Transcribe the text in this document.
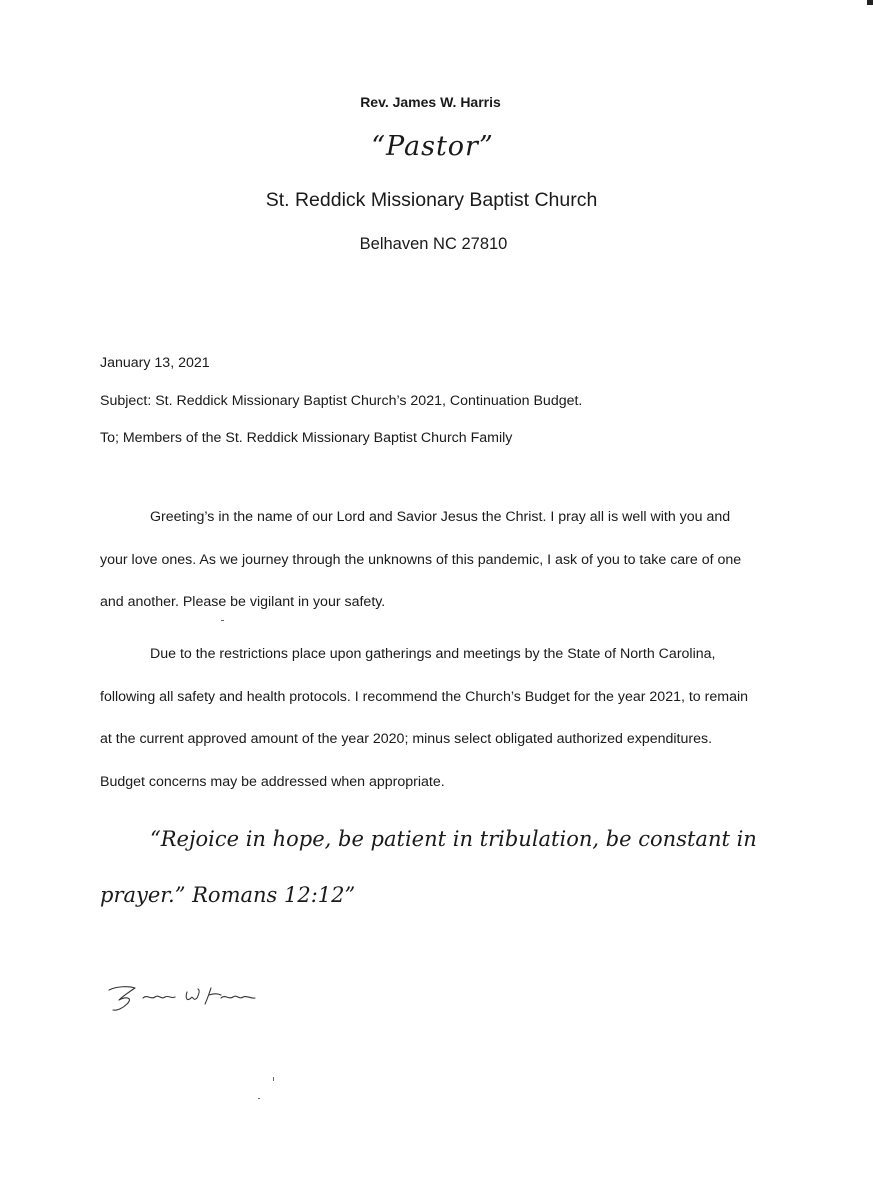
Rev. James W. Harris
“Pastor”
St. Reddick Missionary Baptist Church
Belhaven NC 27810
January 13, 2021
Subject: St. Reddick Missionary Baptist Church’s 2021, Continuation Budget.
To; Members of the St. Reddick Missionary Baptist Church Family

Greeting’s in the name of our Lord and Savior Jesus the Christ. I pray all is well with you and your love ones. As we journey through the unknowns of this pandemic, I ask of you to take care of one and another. Please be vigilant in your safety.

Due to the restrictions place upon gatherings and meetings by the State of North Carolina, following all safety and health protocols. I recommend the Church’s Budget for the year 2021, to remain at the current approved amount of the year 2020; minus select obligated authorized expenditures. Budget concerns may be addressed when appropriate.

“Rejoice in hope, be patient in tribulation, be constant in prayer.” Romans 12:12”
